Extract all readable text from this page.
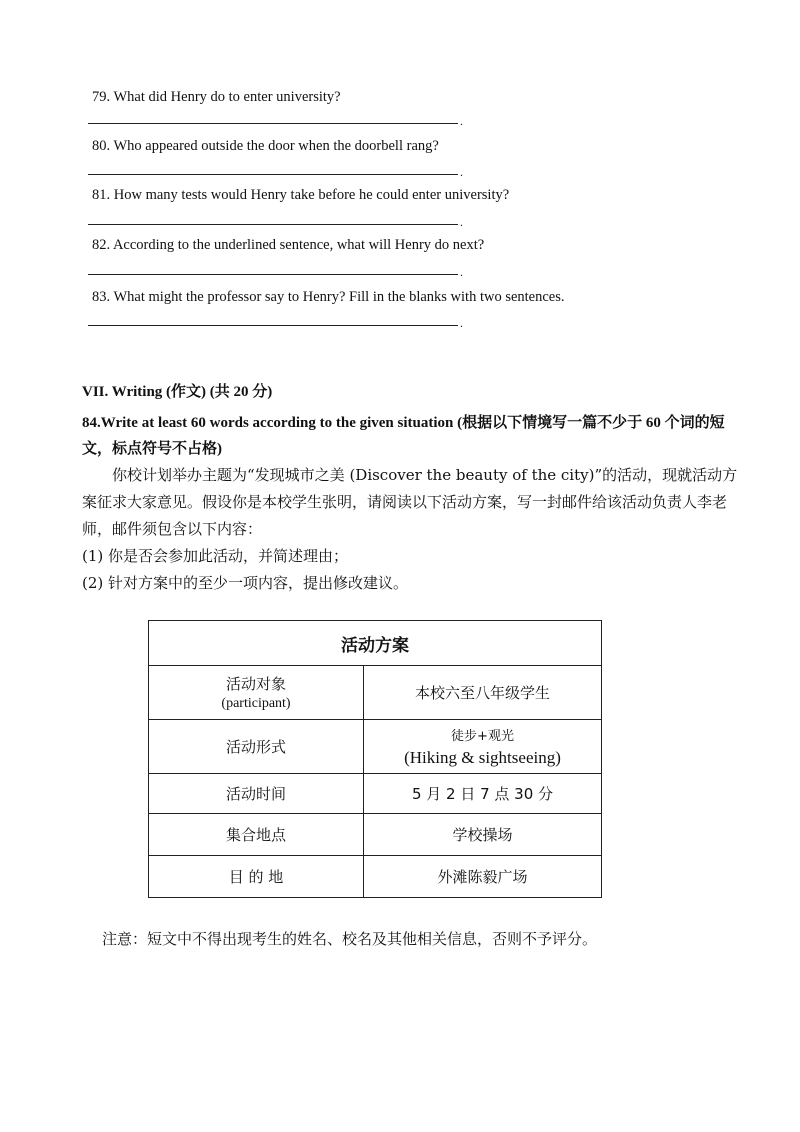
79. What did Henry do to enter university?
.
80. Who appeared outside the door when the doorbell rang?
.
81. How many tests would Henry take before he could enter university?
.
82. According to the underlined sentence, what will Henry do next?
.
83. What might the professor say to Henry? Fill in the blanks with two sentences.
.
VII. Writing (作文) (共 20 分)
84.Write at least 60 words according to the given situation (根据以下情境写一篇不少于 60 个词的短文，标点符号不占格)
你校计划举办主题为“发现城市之美 (Discover the beauty of the city)”的活动，现就活动方案征求大家意见。假设你是本校学生张明，请阅读以下活动方案，写一封邮件给该活动负责人李老师，邮件须包含以下内容：
(1) 你是否会参加此活动，并简述理由；
(2) 针对方案中的至少一项内容，提出修改建议。
活动方案	
活动对象
(participant)	本校六至八年级学生
活动形式	徒步+观光
(Hiking & sightseeing)

活动时间	5 月 2 日 7 点 30 分
集合地点	学校操场
目 的 地	外滩陈毅广场
注意：短文中不得出现考生的姓名、校名及其他相关信息，否则不予评分。
